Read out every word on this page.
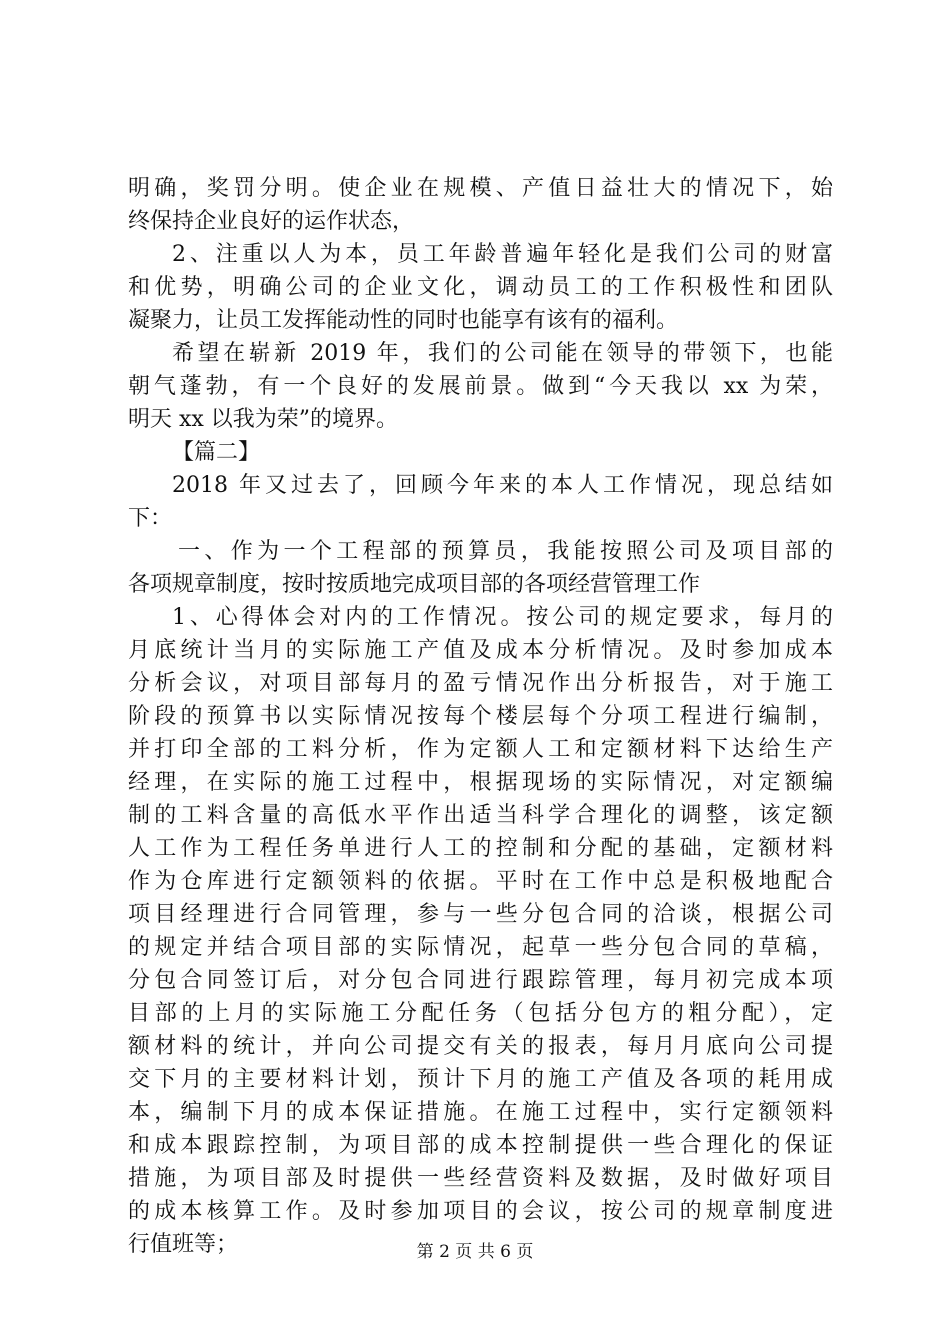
明确，奖罚分明。使企业在规模、产值日益壮大的情况下，始
终保持企业良好的运作状态，
2、注重以人为本，员工年龄普遍年轻化是我们公司的财富
和优势，明确公司的企业文化，调动员工的工作积极性和团队
凝聚力，让员工发挥能动性的同时也能享有该有的福利。
希望在崭新 2019 年，我们的公司能在领导的带领下，也能
朝气蓬勃，有一个良好的发展前景。做到“今天我以 xx 为荣，
明天 xx 以我为荣”的境界。
【篇二】
2018 年又过去了，回顾今年来的本人工作情况，现总结如
下：
一、作为一个工程部的预算员，我能按照公司及项目部的
各项规章制度，按时按质地完成项目部的各项经营管理工作
1、心得体会对内的工作情况。按公司的规定要求，每月的
月底统计当月的实际施工产值及成本分析情况。及时参加成本
分析会议，对项目部每月的盈亏情况作出分析报告，对于施工
阶段的预算书以实际情况按每个楼层每个分项工程进行编制，
并打印全部的工料分析，作为定额人工和定额材料下达给生产
经理，在实际的施工过程中，根据现场的实际情况，对定额编
制的工料含量的高低水平作出适当科学合理化的调整，该定额
人工作为工程任务单进行人工的控制和分配的基础，定额材料
作为仓库进行定额领料的依据。平时在工作中总是积极地配合
项目经理进行合同管理，参与一些分包合同的洽谈，根据公司
的规定并结合项目部的实际情况，起草一些分包合同的草稿，
分包合同签订后，对分包合同进行跟踪管理，每月初完成本项
目部的上月的实际施工分配任务（包括分包方的粗分配），定
额材料的统计，并向公司提交有关的报表，每月月底向公司提
交下月的主要材料计划，预计下月的施工产值及各项的耗用成
本，编制下月的成本保证措施。在施工过程中，实行定额领料
和成本跟踪控制，为项目部的成本控制提供一些合理化的保证
措施，为项目部及时提供一些经营资料及数据，及时做好项目
的成本核算工作。及时参加项目的会议，按公司的规章制度进
行值班等；	第 2 页 共 6 页
